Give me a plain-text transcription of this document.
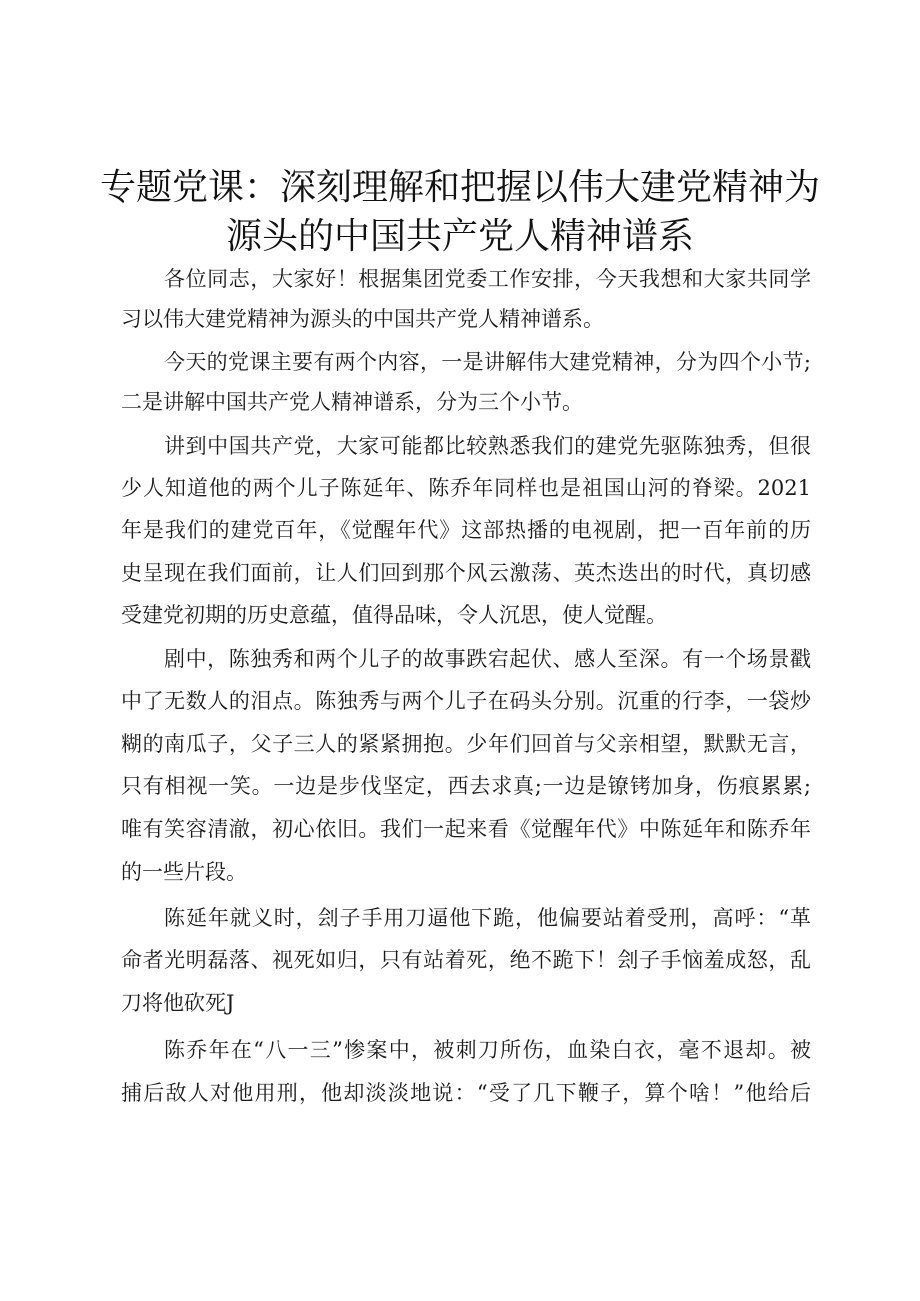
专题党课：深刻理解和把握以伟大建党精神为
源头的中国共产党人精神谱系
各位同志，大家好！根据集团党委工作安排，今天我想和大家共同学
习以伟大建党精神为源头的中国共产党人精神谱系。
今天的党课主要有两个内容，一是讲解伟大建党精神，分为四个小节;
二是讲解中国共产党人精神谱系，分为三个小节。
讲到中国共产党，大家可能都比较熟悉我们的建党先驱陈独秀，但很
少人知道他的两个儿子陈延年、陈乔年同样也是祖国山河的脊梁。2021
年是我们的建党百年，《觉醒年代》这部热播的电视剧，把一百年前的历
史呈现在我们面前，让人们回到那个风云激荡、英杰迭出的时代，真切感
受建党初期的历史意蕴，值得品味，令人沉思，使人觉醒。
剧中，陈独秀和两个儿子的故事跌宕起伏、感人至深。有一个场景戳
中了无数人的泪点。陈独秀与两个儿子在码头分别。沉重的行李，一袋炒
糊的南瓜子，父子三人的紧紧拥抱。少年们回首与父亲相望，默默无言，
只有相视一笑。一边是步伐坚定，西去求真;一边是镣铐加身，伤痕累累;
唯有笑容清澈，初心依旧。我们一起来看《觉醒年代》中陈延年和陈乔年
的一些片段。
陈延年就义时，刽子手用刀逼他下跪，他偏要站着受刑，高呼：“革
命者光明磊落、视死如归，只有站着死，绝不跪下！刽子手恼羞成怒，乱
刀将他砍死J
陈乔年在“八一三”惨案中，被刺刀所伤，血染白衣，毫不退却。被
捕后敌人对他用刑，他却淡淡地说：“受了几下鞭子，算个啥！”他给后
